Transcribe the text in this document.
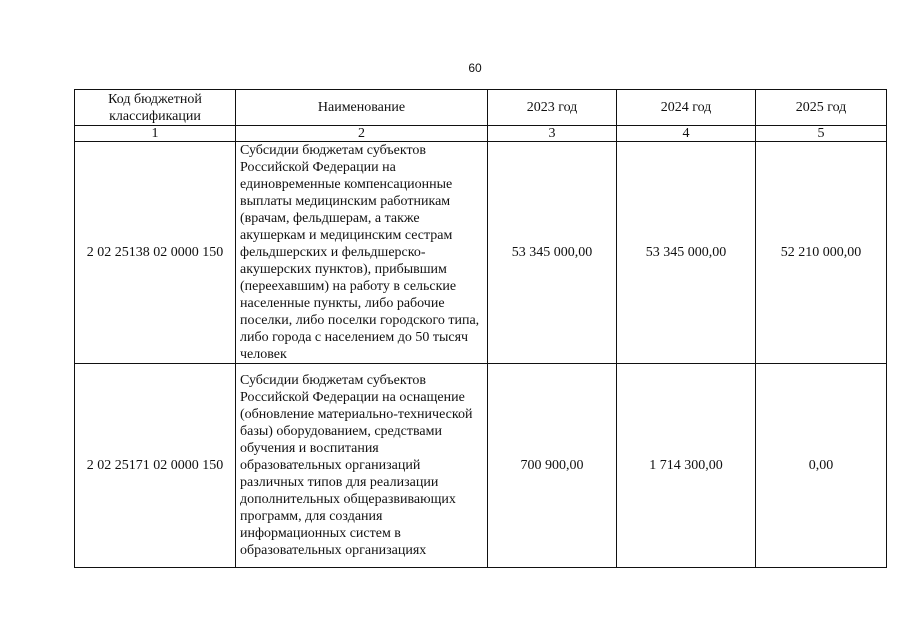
60
Код бюджетной классификации	Наименование	2023 год	2024 год	2025 год
1	2	3	4	5
2 02 25138 02 0000 150	Субсидии бюджетам субъектов Российской Федерации на единовременные компенсационные выплаты медицинским работникам (врачам, фельдшерам, а также акушеркам и медицинским сестрам фельдшерских и фельдшерско-акушерских пунктов), прибывшим (переехавшим) на работу в сельские населенные пункты, либо рабочие поселки, либо поселки городского типа, либо города с населением до 50 тысяч человек	53 345 000,00	53 345 000,00	52 210 000,00
2 02 25171 02 0000 150	Субсидии бюджетам субъектов Российской Федерации на оснащение (обновление материально-технической базы) оборудованием, средствами обучения и воспитания образовательных организаций различных типов для реализации дополнительных общеразвивающих программ, для создания информационных систем в образовательных организациях	700 900,00	1 714 300,00	0,00
